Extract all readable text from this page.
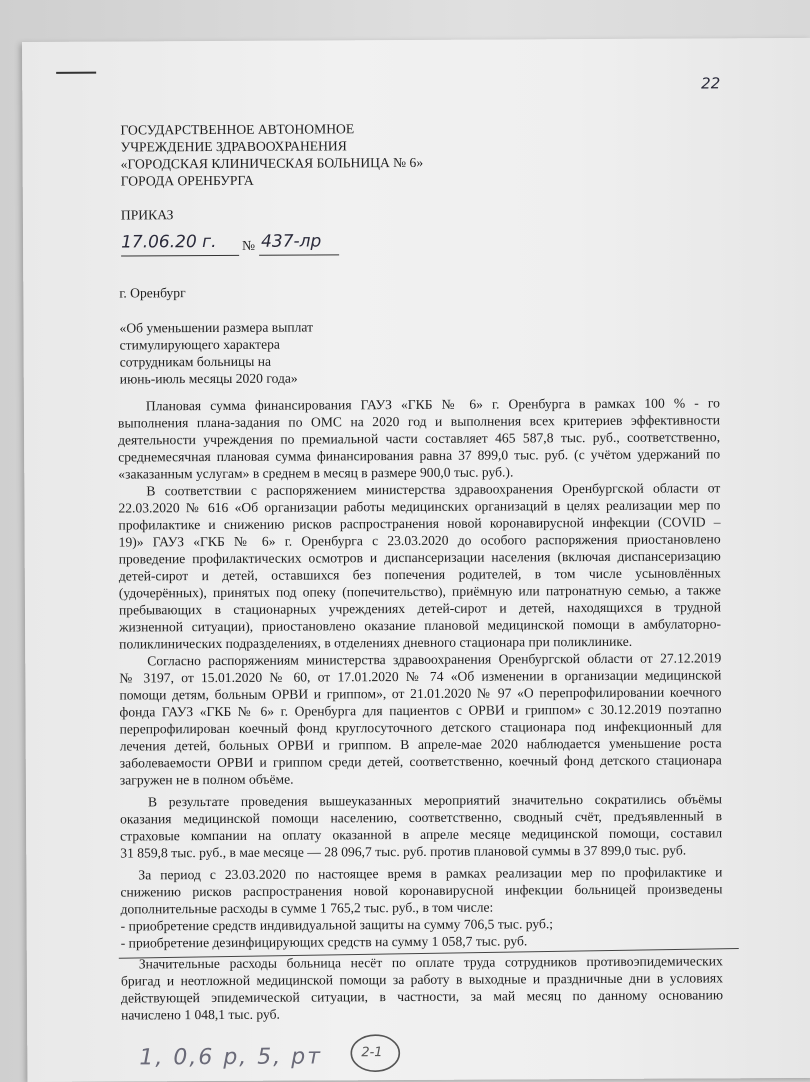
22
ГОСУДАРСТВЕННОЕ АВТОНОМНОЕ
УЧРЕЖДЕНИЕ ЗДРАВООХРАНЕНИЯ
«ГОРОДСКАЯ КЛИНИЧЕСКАЯ БОЛЬНИЦА № 6»
ГОРОДА ОРЕНБУРГА
ПРИКАЗ
17.06.20 г. № 437-лр
г. Оренбург
«Об уменьшении размера выплат
стимулирующего характера
сотрудникам больницы на
июнь-июль месяцы 2020 года»
Плановая сумма финансирования ГАУЗ «ГКБ № 6» г. Оренбурга в рамках 100 % - го
выполнения плана-задания по ОМС на 2020 год и выполнения всех критериев эффективности
деятельности учреждения по премиальной части составляет 465 587,8 тыс. руб., соответственно,
среднемесячная плановая сумма финансирования равна 37 899,0 тыс. руб. (с учётом удержаний по
«заказанным услугам» в среднем в месяц в размере 900,0 тыс. руб.).
В соответствии с распоряжением министерства здравоохранения Оренбургской области от
22.03.2020 № 616 «Об организации работы медицинских организаций в целях реализации мер по
профилактике и снижению рисков распространения новой коронавирусной инфекции (COVID –
19)» ГАУЗ «ГКБ № 6» г. Оренбурга с 23.03.2020 до особого распоряжения приостановлено
проведение профилактических осмотров и диспансеризации населения (включая диспансеризацию
детей-сирот и детей, оставшихся без попечения родителей, в том числе усыновлённых
(удочерённых), принятых под опеку (попечительство), приёмную или патронатную семью, а также
пребывающих в стационарных учреждениях детей-сирот и детей, находящихся в трудной
жизненной ситуации), приостановлено оказание плановой медицинской помощи в амбулаторно-
поликлинических подразделениях, в отделениях дневного стационара при поликлинике.
Согласно распоряжениям министерства здравоохранения Оренбургской области от 27.12.2019
№ 3197, от 15.01.2020 № 60, от 17.01.2020 № 74 «Об изменении в организации медицинской
помощи детям, больным ОРВИ и гриппом», от 21.01.2020 № 97 «О перепрофилировании коечного
фонда ГАУЗ «ГКБ № 6» г. Оренбурга для пациентов с ОРВИ и гриппом» с 30.12.2019 поэтапно
перепрофилирован коечный фонд круглосуточного детского стационара под инфекционный для
лечения детей, больных ОРВИ и гриппом. В апреле-мае 2020 наблюдается уменьшение роста
заболеваемости ОРВИ и гриппом среди детей, соответственно, коечный фонд детского стационара
загружен не в полном объёме.
В результате проведения вышеуказанных мероприятий значительно сократились объёмы
оказания медицинской помощи населению, соответственно, сводный счёт, предъявленный в
страховые компании на оплату оказанной в апреле месяце медицинской помощи, составил
31 859,8 тыс. руб., в мае месяце — 28 096,7 тыс. руб. против плановой суммы в 37 899,0 тыс. руб.
За период с 23.03.2020 по настоящее время в рамках реализации мер по профилактике и
снижению рисков распространения новой коронавирусной инфекции больницей произведены
дополнительные расходы в сумме 1 765,2 тыс. руб., в том числе:
- приобретение средств индивидуальной защиты на сумму 706,5 тыс. руб.;
- приобретение дезинфицирующих средств на сумму 1 058,7 тыс. руб.
Значительные расходы больница несёт по оплате труда сотрудников противоэпидемических
бригад и неотложной медицинской помощи за работу в выходные и праздничные дни в условиях
действующей эпидемической ситуации, в частности, за май месяц по данному основанию
начислено 1 048,1 тыс. руб.
1, 0,6 р, 5, рт	2-1
